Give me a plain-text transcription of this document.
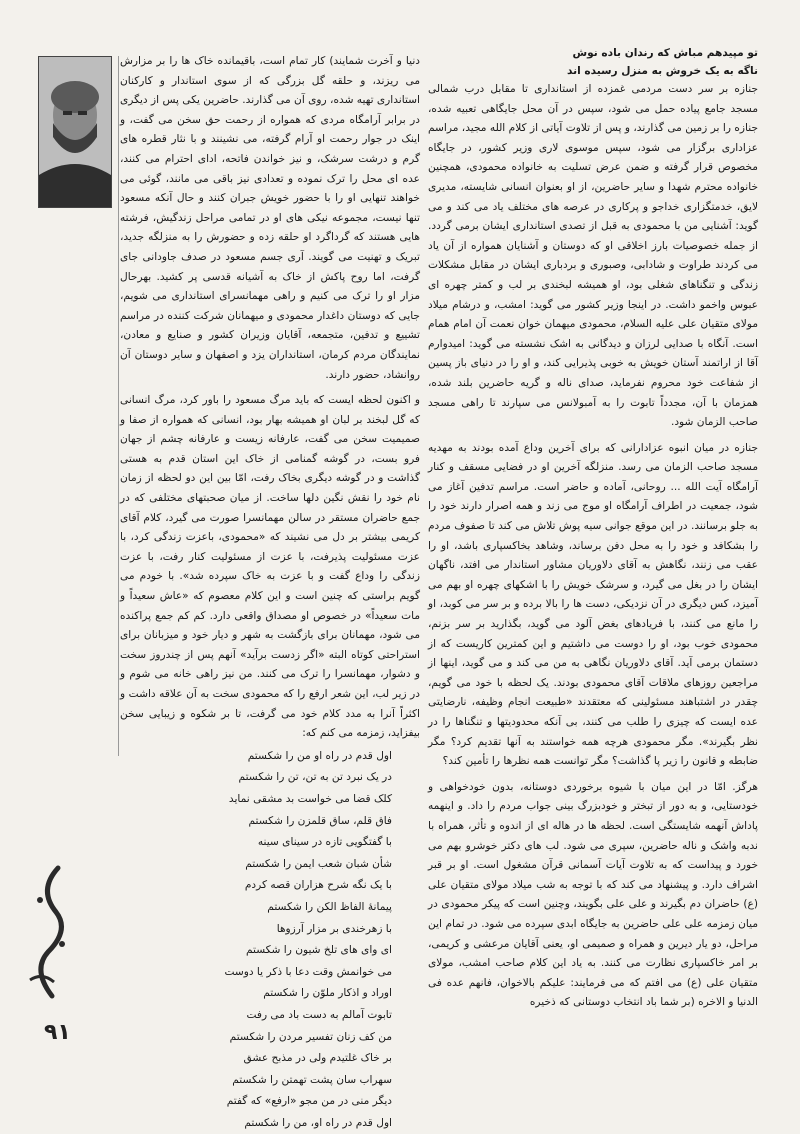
تو مپیدهم مباش که رندان باده نوش

ناگه به یک خروش به منزل رسیده اند

جنازه بر سر دست مردمی غمزده از استانداری تا مقابل درب شمالی مسجد جامع پیاده حمل می شود، سپس در آن محل جایگاهی تعبیه شده، جنازه را بر زمین می گذارند، و پس از تلاوت آیاتی از کلام الله مجید، مراسم عزاداری برگزار می شود، سپس موسوی لاری وزیر کشور، در جایگاه مخصوص قرار گرفته و ضمن عرض تسلیت به خانواده محمودی، همچنین خانواده محترم شهدا و سایر حاضرین، از او بعنوان انسانی شایسته، مدیری لایق، خدمتگزاری خداجو و پرکاری در عرصه های مختلف یاد می کند و می گوید: آشنایی من با محمودی به قبل از تصدی استانداری ایشان برمی گردد. از جمله خصوصیات بارز اخلاقی او که دوستان و آشنایان همواره از آن یاد می کردند طراوت و شادابی، وصبوری و بردباری ایشان در مقابل مشکلات زندگی و تنگناهای شغلی بود، او همیشه لبخندی بر لب و کمتر چهره ای عبوس واخمو داشت. در اینجا وزیر کشور می گوید: امشب، و درشام میلاد مولای متقیان علی علیه السلام، محمودی میهمان خوان نعمت آن امام همام است. آنگاه با صدایی لرزان و دیدگانی به اشک نشسته می گوید: امیدوارم آقا از اراتمند آستان خویش به خوبی پذیرایی کند، و او را در دنیای باز پسین از شفاعت خود محروم نفرماید، صدای ناله و گریه حاضرین بلند شده، همزمان با آن، مجدداً تابوت را به آمبولانس می سپارند تا راهی مسجد صاحب الزمان شود.

جنازه در میان انبوه عزادارانی که برای آخرین وداع آمده بودند به مهدیه مسجد صاحب الزمان می رسد. منزلگه آخرین او در فضایی مسقف و کنار آرامگاه آیت الله ... روحانی، آماده و حاضر است. مراسم تدفین آغاز می شود، جمعیت در اطراف آرامگاه او موج می زند و همه اصرار دارند خود را به جلو برسانند. در این موقع جوانی سیه پوش تلاش می کند تا صفوف مردم را بشکافد و خود را به محل دفن برساند، وشاهد بخاکسپاری باشد، او را عقب می زنند، نگاهش به آقای دلاوریان مشاور استاندار می افتد، ناگهان ایشان را در بغل می گیرد، و سرشک خویش را با اشکهای چهره او بهم می آمیزد، کس دیگری در آن نزدیکی، دست ها را بالا برده و بر سر می کوبد، او را مانع می کنند، با فریادهای بغض آلود می گوید، بگذارید بر سر بزنم، محمودی خوب بود، او را دوست می داشتیم و این کمترین کاریست که از دستمان برمی آید. آقای دلاوریان نگاهی به من می کند و می گوید، اینها از مراجعین روزهای ملاقات آقای محمودی بودند. یک لحظه با خود می گویم، چقدر در اشتباهند مسئولینی که معتقدند «طبیعت انجام وظیفه، نارضایتی عده ایست که چیزی را طلب می کنند، بی آنکه محدودیتها و تنگناها را در نظر بگیرند». مگر محمودی هرچه همه خواستند به آنها تقدیم کرد؟ مگر ضابطه و قانون را زیر پا گذاشت؟ مگر توانست همه نظرها را تأمین کند؟

هرگز. امّا در این میان با شیوه برخوردی دوستانه، بدون خودخواهی و خودستایی، و به دور از تبختر و خودبزرگ بینی جواب مردم را داد. و اینهمه پاداش آنهمه شایستگی است. لحظه ها در هاله ای از اندوه و تأثر، همراه با ندبه واشک و ناله حاضرین، سپری می شود. لب های دکتر خوشرو بهم می خورد و پیداست که به تلاوت آیات آسمانی قرآن مشغول است. او بر قبر اشراف دارد. و پیشنهاد می کند که با توجه به شب میلاد مولای متقیان علی (ع) حاضران دم بگیرند و علی علی بگویند، وچنین است که پیکر محمودی در میان زمزمه علی علی حاضرین به جایگاه ابدی سپرده می شود. در تمام این مراحل، دو یار دیرین و همراه و صمیمی او، یعنی آقایان مرعشی و کریمی، بر امر خاکسپاری نظارت می کنند. به یاد این کلام صاحب امشب، مولای متقیان علی (ع) می افتم که می فرمایند: علیکم بالاخوان، فانهم عده فی الدنیا و الاخره (بر شما باد انتخاب دوستانی که ذخیره

دنیا و آخرت شمایند) کار تمام است، باقیمانده خاک ها را بر مزارش می ریزند، و حلقه گل بزرگی که از سوی استاندار و کارکنان استانداری تهیه شده، روی آن می گذارند. حاضرین یکی پس از دیگری در برابر آرامگاه مردی که همواره از رحمت حق سخن می گفت، و اینک در جوار رحمت او آرام گرفته، می نشینند و با نثار قطره های گرم و درشت سرشک، و نیز خواندن فاتحه، ادای احترام می کنند، عده ای محل را ترک نموده و تعدادی نیز باقی می مانند، گوئی می خواهند تنهایی او را با حضور خویش جبران کنند و حال آنکه مسعود تنها نیست، مجموعه نیکی های او در تمامی مراحل زندگیش، فرشته هایی هستند که گرداگرد او حلقه زده و حضورش را به منزلگه جدید، تبریک و تهنیت می گویند. آری جسم مسعود در صدف جاودانی جای گرفت، اما روح پاکش از خاک به آشیانه قدسی پر کشید. بهرحال مزار او را ترک می کنیم و راهی مهمانسرای استانداری می شویم، جایی که دوستان داغدار محمودی و میهمانان شرکت کننده در مراسم تشییع و تدفین، متجمعه، آقایان وزیران کشور و صنایع و معادن، نمایندگان مردم کرمان، استانداران یزد و اصفهان و سایر دوستان آن روانشاد، حضور دارند.

و اکنون لحظه ایست که باید مرگ مسعود را باور کرد، مرگ انسانی که گل لبخند بر لبان او همیشه بهار بود، انسانی که همواره از صفا و صمیمیت سخن می گفت، عارفانه زیست و عارفانه چشم از جهان فرو بست، در گوشه گمنامی از خاک این استان قدم به هستی گذاشت و در گوشه دیگری بخاک رفت، امّا بین این دو لحظه از زمان نام خود را نقش نگین دلها ساخت. از میان صحبتهای مختلفی که در جمع حاضران مستقر در سالن مهمانسرا صورت می گیرد، کلام آقای کریمی بیشتر بر دل می نشیند که «محمودی، باعزت زندگی کرد، با عزت مسئولیت پذیرفت، با عزت از مسئولیت کنار رفت، با عزت زندگی را وداع گفت و با عزت به خاک سپرده شد». با خودم می گویم براستی که چنین است و این کلام معصوم که «عاش سعیداً و مات سعیداً» در خصوص او مصداق واقعی دارد. کم کم جمع پراکنده می شود، مهمانان برای بازگشت به شهر و دیار خود و میزبانان برای استراحتی کوتاه البته «اگر زدست برآید» آنهم پس از چندروز سخت و دشوار، مهمانسرا را ترک می کنند. من نیز راهی خانه می شوم و در زیر لب، این شعر ارفع را که محمودی سخت به آن علاقه داشت و اکثراً آنرا به مدد کلام خود می گرفت، تا بر شکوه و زیبایی سخن بیفزاید، زمزمه می کنم که:

اول قدم در راه او من را شکستم
در یک نبرد تن به تن، تن را شکستم
کلک قضا می خواست بد مشقی نماید
فاق قلم، ساق قلمزن را شکستم
با گفتگویی تازه در سینای سینه
شأن شبان شعب ایمن را شکستم
با یک نگه شرح هزاران قصه کردم
پیمانهٔ الفاظ الکن را شکستم
با زهرخندی بر مزار آرزوها
ای وای های تلخ شیون را شکستم
می خوانمش وقت دعا با ذکر یا دوست
اوراد و اذکار ملوّن را شکستم
تابوت آمالم به دست باد می رفت
من کف زنان تفسیر مردن را شکستم
بر خاک غلتیدم ولی در مذبح عشق
سهراب سان پشت تهمتن را شکستم
دیگر منی در من مجو «ارفع» که گفتم
اول قدم در راه او، من را شکستم
۹۱
